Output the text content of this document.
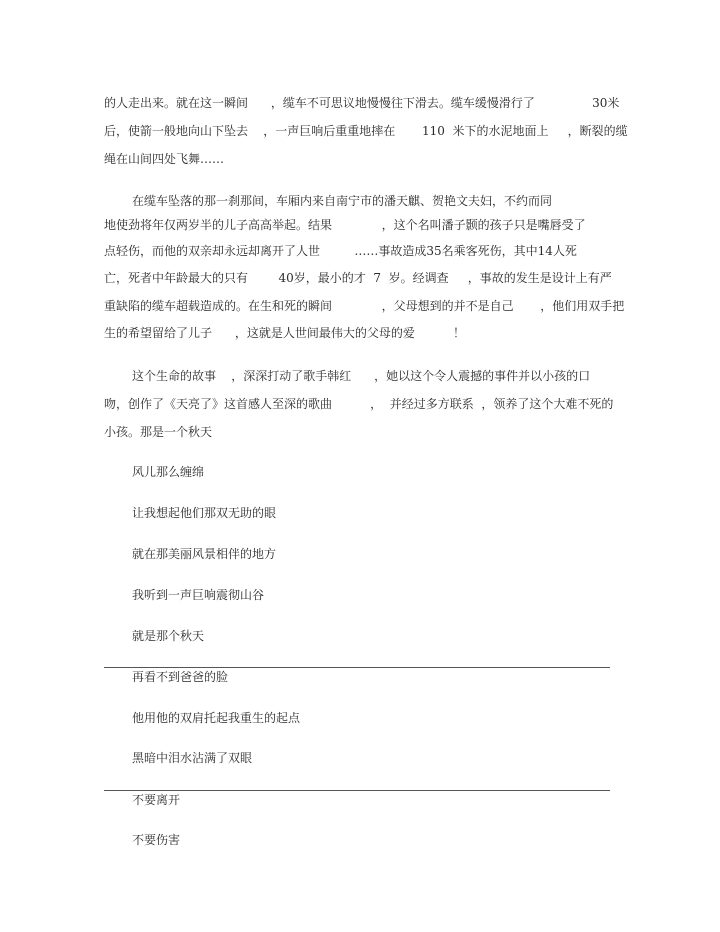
的人走出来。就在这一瞬间      ，缆车不可思议地慢慢往下滑去。缆车缓慢滑行了               30米
后，使箭一般地向山下坠去    ，一声巨响后重重地摔在       110  米下的水泥地面上     ，断裂的缆
绳在山间四处飞舞……
在缆车坠落的那一刹那间，车厢内来自南宁市的潘天麒、贺艳文夫妇，不约而同
地使劲将年仅两岁半的儿子高高举起。结果             ，这个名叫潘子颢的孩子只是嘴唇受了
点轻伤，而他的双亲却永远却离开了人世         ……事故造成35名乘客死伤，其中14人死
亡，死者中年龄最大的只有        40岁，最小的才  7  岁。经调查     ，事故的发生是设计上有严
重缺陷的缆车超载造成的。在生和死的瞬间             ，父母想到的并不是自己       ，他们用双手把
生的希望留给了儿子      ，这就是人世间最伟大的父母的爱          ！
这个生命的故事    ，深深打动了歌手韩红      ，她以这个令人震撼的事件并以小孩的口
吻，创作了《天亮了》这首感人至深的歌曲          ，  并经过多方联系  ，领养了这个大难不死的
小孩。那是一个秋天
风儿那么缠绵
让我想起他们那双无助的眼
就在那美丽风景相伴的地方
我听到一声巨响震彻山谷
就是那个秋天
再看不到爸爸的脸
他用他的双肩托起我重生的起点
黑暗中泪水沾满了双眼
不要离开
不要伤害
